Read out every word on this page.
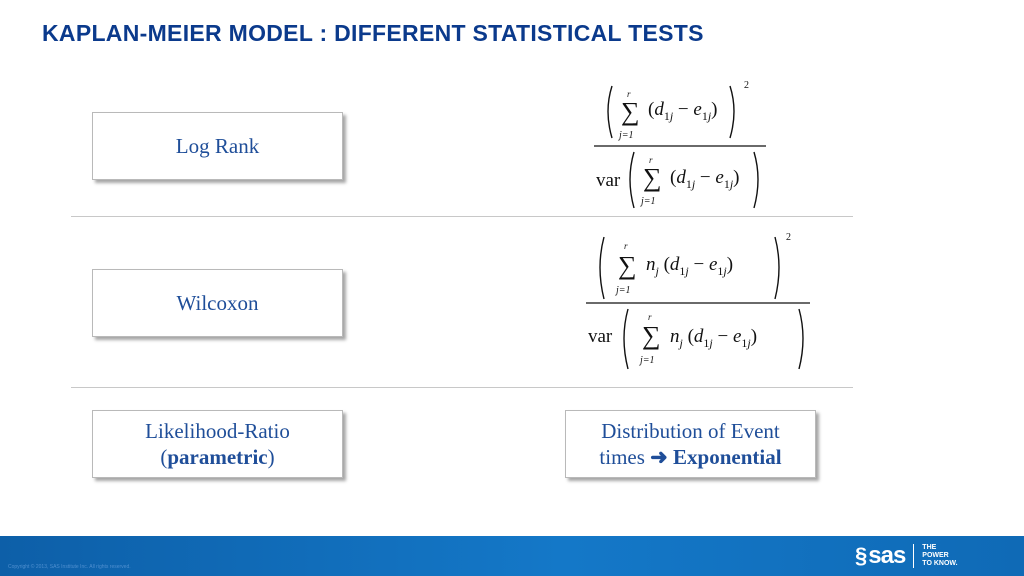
KAPLAN-MEIER MODEL : DIFFERENT STATISTICAL TESTS
Log Rank
r
∑
j=1
$(d_1j - e_1j)$
2
var
r
∑
j=1
$(d_1j - e_1j)$
Wilcoxon
r
∑
j=1
$n_j$ $(d_1j - e_1j)$
2
var
r
∑
j=1
$n_j$ $(d_1j - e_1j)$
Likelihood-Ratio
(parametric)
Distribution of Event
times ➜ Exponential
Copyright © 2013, SAS Institute Inc. All rights reserved.	§ sas THE
POWER
TO KNOW.
